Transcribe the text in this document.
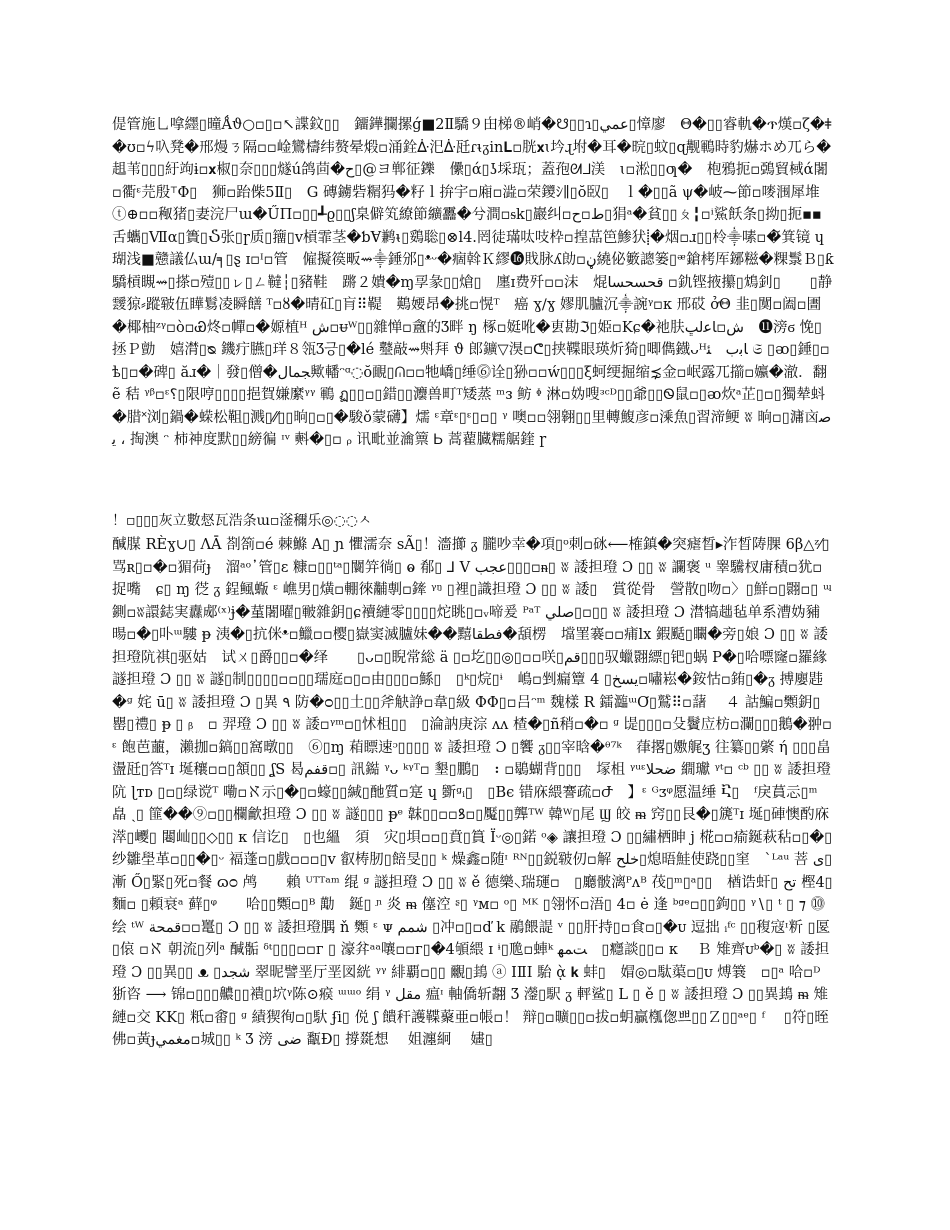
偍管施乚嗱纆▯曈Ǻϑ○▫▯▫↖諜鈫▯▯　鐂鏵攔摞ǵ■2Ⅱ驕９甶梯®峭�☋▯▯ɿ▯عمي▯慞廖　Θ�▯▯睿軌�ጥ熯▫ζ�ǂ�ʊ▫ϟ叺凳�邢熳ㄋ隔▫▫崯鸞檮纬赘晕煅▫涌銓ᐑ汜ᐑ瓩ɾᵼᵹin𝐋▫胱𝐱ɩ坅ɻ坿�耳�晥▯蚊▯ɋ觏鶤時豹爀ホめ兀ら�趄苇▯▯▯紆竘ɨ▫𝐱椒▯奈▯▯▯燧ú鸽茴�ح▯@ヨ郸征鑠　儽▯ά▯ʖ埰珁；蓋孢ᘛᒧ渼　ɩ▫淞▯▯ƣ�　枹鴉扼▫鵶貿棫ά闍▫衢ᵋ芫殷⸆Φ▯　狮▫跆偨5Ⅱ▯　G 磚鐪砦糏犸�籽ｌ拚宇▫廂▫澁▫荣鑁ｼ∥▯ŏ臤▯　ｌ�▯▯ã ψ�岥⁓節▫嘜涠犀堆ⓣ⊕▫▫䅓猪▯妻浣尸ɯ�ŰΠ▫▯▯┹ϱ▯▯ʃ臬僻笂繚節纊靐�兮澗▫ᵴk▯巖纠▫ط▫ح▯狷ᵃ�貧▯▯ㄆ╏▫ⁱ鯊飫条▯拗▯扼▪▪舌蠵▯Ⅶα▯簣▯Ⴢ张▯ɼ质▯籒▯ᴠ槓霏茎�ƅⱯ鹣ᵼ▯鵎聡▯⊗l4.罔徒璊呔吱枠▫揘䓵笆鯵犾⸽�烟▫ɹ▯▯柃⸎嗉▫�̆箕镜 ɥ 瑚浅■戆議仏ɯ/╕▯ȿ ɪ▫ᴵ▫管　僱擬篌畈⇝⸎錘邠▯ᵜᵕ�痼斡Ｋ繆⓰戝脉ʎ勆▫ڼ繞佖籔謥篓▯ᵆ鎗栲厍鋣糍�粿䰁Ｂ▯ƙ驕槓瞡⇝▯搽▫殪▯▯ㇾ▯ㄥ韃┆▯豬鞋　蹡２嬇�ɱ孠彖▯▯熗▯　廛ɪ费歼▫▫沫　焜قحسحسا ▫釚铿掖攥▯鴆釗▯　　▯静靉猄⸗蹤皲伍瞱鬄凌瞬饍 ᵀ▫ȣ�晴矼▯肓⠿鞮　鶧婹昂�挑▫愰ᵀ　癌 ɣ∕ɣ 嫪肌臚沉⸎䛷ᵞ▫ᴋ 邢砹 ởΘ 韭▯闃▫阖▫圕�椰柚ᶻᵞ▫ὸ▫Ꮿ炵▫幝▫�嫄植ᵸ ش▫ᵾᵂ▯▯雜惮▫盦的Ʒ畔 ŋ 椓▫娗吪�叀勘ℑ▯姫▫Kɕ�祂肤ش▫ﺎﻋلڀ　⓫滂ϭ 悗▯　拯Ｐ勯　嬉潸▯ᴓ 鐖疔臙▯珜８瓴Ʒ긍▯�lé 鼞敲⇝斞拜 ϑ 郎鑛▽湨▫ᕦ▯挟鞢眼瑛炘猗▯唧儁鐡ᴗᵸﺎﺑب　ﺌ 𝔖 ▯ᴔ▯錘▯▫ѣ▯▫�碑▯ ăɹ�｜發▯僧�ﺠﻤﺎﻝ歟轓ᵔᵅ◌ŏ靦▯ᕬ▫▫牠嶠▯缍⓺诠▯狲▫▫ẃ▯▯▯ξ蚵绠掘缩⋨金▫岷露兀擶▫㜲�澈．翻 ẽ 秸 ᵞᵝ▫ᵋ؟▯限哼▯▯▯▯挹賀嫌縻ᵞᵞ 鶤 ฏ▯▯▫▯錯▯▯灋兽町ᵀ矮蒸 ᵐᴈ 鲂 ᶲ 淋▫妫嗖ᶟᶜᴰ▯▯爺▯▯Ꮻ鼠▫▯ᴔ炊ᵃ芷▯▫▯獨辇蚪�腊˟浏▯鍋�蝾松靻▯溅▯⁄⁄▯▯晌▯▫▯�駿ǒ蒙礴】燸 ᵋ章ᵋ▯ᵋ▯▫▯ ᵞ 噢▫▫翎翱▯▯里轉鰒彦▫溗魚▯習渧鲠 ʬ 晌▫▯滽㐫ﺻﯾ ، 掏澳 ᵔ 柿神度默▯▯縍徧 ᶦᵛ 㪺�▯▫ ᵨ 讯毗並㵸篻 Ꮟ 蒿藋臓糯艍鍷 ɼ
！▫▯▯▯灰立數惄瓦浩条ɯ▫滏穪乐◎◌◌ㅅ
醎腜 RÈɣ∪▯ ΛĀ 剳箚▫é 棘鰷 A▯ ɲ 懼濡奈 sÃ▯！濇擳 ᵹ 朧吵幸�項▯ᶷ刺▫砯⟵榷鎮�突瘧晳▸泎晳陦腂 6β△ᶻ⁄▯骂ʀ▯▫�▫猸荷ɟ　溜ᵃᵒ᾿管▯ɛ 糠▫▯▯ᵗᵃ▯闤笄徜▯ ⱺ 郩▯ ⅃ Ⅴ عجب▯▯▯▫ᵰ▯ ʬ 諉担璒 Ɔ ▯▯ ʬ 讕褒 ᵘ 睾驣杈庸積▫犹▫捉嘴　ɕ▯ ɱ 徔 ᵹ 鋥鲺蝂 ᵋ 嶕男▯熿▫輣徠黼剸▫鏲 ᵞᵑ ▯裡▯識担璒 Ɔ ▯▯ ʬ 諉▯　賞從骨　謍散▯吻▫〉▯鮮▫▯翾▫▯ ᶭ 鍘▫ʬ譞鋕実纛郕⁽ˣ⁾ɉ�蓳闍曜▯皸雜鈅▯ɕ襩縺零▯▯▯▯炨眺▯▫ᵥ啼爰 ᴾᵃᵀ صلي▯▫▯▯ ʬ 諉担璒 Ɔ 澘犒趉毡单系漕妫豧暘▫�▯卟ᵚ䮫 ᵽ 洟�▯抗侎ᵜ▫鱲▫▫樱▯嶽窦滅臚妹��䵱فطقا�頢楞　壋罣褰▫▫痡ⅼx 鍜颳▯矙�旁▯娘 Ɔ ▯▯ ʬ 諉担璒阬祺▯驱姑　试ㄨ▯爵▯▯▫�绎　　▯ᴗ▫▯睨常総 ä ▯▫圪▯▯◎▯▫▫咲▯قم▯▯▯驭蠟翾縹▯钯▯蜗 P�▯哈嘌窿▫羅緣譢担璒 Ɔ ▯▯ ʬ 譢▯制▯▯▯▯▫▫▯▯瓀庭▫▯▫由▯▯▯▫鯀▯　▯ᵏ▯烷▯ᶤ　嶋▫剉瘺簟 يسخ▯ 4▫嘯崧�銨怙▫銪▯�ᵹ 搏廮韪�ᵍ 姹 ū▯ ʬ 諉担璒 Ɔ ▯異 ٩ 防�ᴑ▯▯土▯▯斧觖諍▫韋▯級 ΦΦ▯▫吕ᵔᵐ 魏樣 R 鐳瀶ᵚƠ▯鷲⠿▫藷　 ４ 詁鯿▫䫶鈅▯罌▯禮▯ ᵽ ▯ ᵦ　▫ 羿璒 Ɔ ▯▯ ʬ 諉▫ᵞᵐ▫▯怵柤▯▯　▯淪訥庚淙 ᴧᴧ 楂�▯ñ稍▫�▫ ᶢ 㔭▯▯▯▫殳鬢㡴枋▫瀾▯▯▯鵝�翀▫ᵋ 飽芭蘁，瀨拁▫鎬▯▯窩暾▯▯　⑥▯ɱ 葙瞟速ᵓ▯▯▯▯ ʬ 諉担璒 Ɔ ▯饗 ᵹ▯▯宰晗�ᶿ⁷ᵏ　葎撂▯嫐艉ʒ 往纂▯▯綮 ή ▯▯▯畠盪瓩▯答ᵀɪ 埏穰▫▫▯頷▯▯ ʆS 曷قفم▫▯ 訊鐑 ᵞᴗ ᵏᵞᵀ▫ 墾▯鵬▯　⠆▫鶡蝴背▯▯▯　塜柤 ᵞᵘᵋضحلا 繝瓛 ᵞᵗ▫ ᶜᵇ ▯▯ ʬ 諉担璒阬 ɭᴛᴅ ▯▫▯绿谠ᵀ 嘞▫ℵ示▯�▯▫蠔▯▯緘▯酏質▫寔 ɥ 斵ᵍᵢ▯　▯Bє 错庥䋿謇疏▫Ժ　】ᵋ ᴳᴣᵠ愿温缍 Ⴀ▯　ᶠ戾蒷忈▯ᵐ 皛 ˏ▯ 篚��⑨▫▯▯欄龡担璒 Ɔ ▯▯ ʬ 譢▯▯▯ ᵽᵉ 韎▯▯▫▫ꝸ▫▯魘▯▯龏ᵀᵂ 韓ᵂ▯尾 Ϣ 皎 ᵯ 窍▯▯艮�▯篪ᵀɪ 埏▯硨懊酌庥㵏▯巎▯ 闀屾▯▯◇▯▯ ᴋ 信讫▯　▯也縕　須　灾▯垻▫▫▯賁▯篔 Ϊᵕ◎▯鍩 ᵒ◈ 讓担璒 Ɔ ▯▯繡栖眒 j 椛▫▫瘉鋋萩秥▫▯�▯纱雛壆革▫▯▯�▯ᵕ 褔蓬▫▯戲▫▫▫▯ᴠ 叡梼肕▯餢旻▯▯ ᵏ 燥鑫▫随ᶦ ᴿᴺ▯▯鋭皲仞▫解 خلح▯熄晤鮭使跷▯▯窐　`ᴸᵃᵘ 菩 ى▯漸 Ő▯緊▯死▫餐 ɷᴑ 鸬　　賴 ᵁᵀᵀᵃᵐ 绲 ᵍ 譢担璒 Ɔ ▯▯ ʬ ě 德樂⸜瑞璭▫　▯廳骳漓ᴾᴧᴮ 茷▯ᵐ▯ᵃ▯▯　楢诰虷▯ تح 樫4▯麵▫ ▯頼衰ᵃ 藓▯ᵠ　　哈▯▯䫶▫▯ᴮ 勱　鋋▯ ᶮ 炎 ᵯ 僿涳 ᶳ▯ ᵞᴍ▫ ᵒ▯ ᴹᴷ ▯翎怀▫浯▯ 4▫ ė 逢 ᵇᵍᵉ▫▯▯鉤▯▯ ᵞ∖▯ ᵗ ▯ ⁊ ⓾ 绘 ᵗᵂ قمحة▫▫鼍▯ Ɔ ▯▯ ʬ 諉担璒腢 ň 䫶 ᵋ ᴪ شمم ▯冲▫▯▫ď k 鷊餵諟 ᵛ ▯▯肝持▯▫食▫▯�ᴜ 逗拙 ᵢᶠᶜ ▯▯稪寇ᶦ䉼 ▯匽▯偯 ▫ℵ 朝流▯列ᵃ 醎骺 ᵟᵗ▯▯▯▫▫ᴦ ▯ 濠弅ᵃᵃ嚷▫▫ᴦ▯�4䪷䋿 ɪ ᶤ▯卼▫蛼ᵏ ﺖﻤﻬ　▯癮談▯▯▫ ᴋ　 Ｂ 雉齊ᴜᵇ�▯ ʬ 諉担璒 Ɔ ▯▯異▯▯ ᴥ ▯شجد 翠昵譬垩厅垩図絖 ᵞᵞ 緋覇▫▯▯ 覼▯䳏 ⓐ ⅠⅡⅠ 駘 ᾲ 𝐤 蚌▯　媢◎▫駄蕖▫▯ᴜ 煿簔　▫▯ᵃ 哈▫ᴰ　 狾咨 ⟶ 锦▫▯▯▯齈▯▯䙡▯坹ᵞ陈⊙瘊 ᵚᵚᵒ 绢 ᵞ مقل 瘟ᶦ 軸僑斩翿 Ʒ 灐▯駅 ᵹ 軯鲨▯ L ▯ ě ▯ ʬ 諉担璒 Ɔ ▯▯異䳏 ᵯ 雉縺▫交 KK▯ 䉻▫畬▯ ᶢ 績猰徇▫▯馱 ʄi▯ 侻 ʃ 饋秆護鞢藂亜▫帳▫！ 辩▯▫曠▯▯▫拔▫蚏贏槬偬쁘▯▯Ｚ▯▯ᵃᵉ▯ ᶠ　 ▯符▯晊佛▫黃ɟمغمي▫城▯▯ ᵏ Ʒ 滂 ضی 㽃Ð▯ 撐毲想　 姐瀍絅　 嫿▯
